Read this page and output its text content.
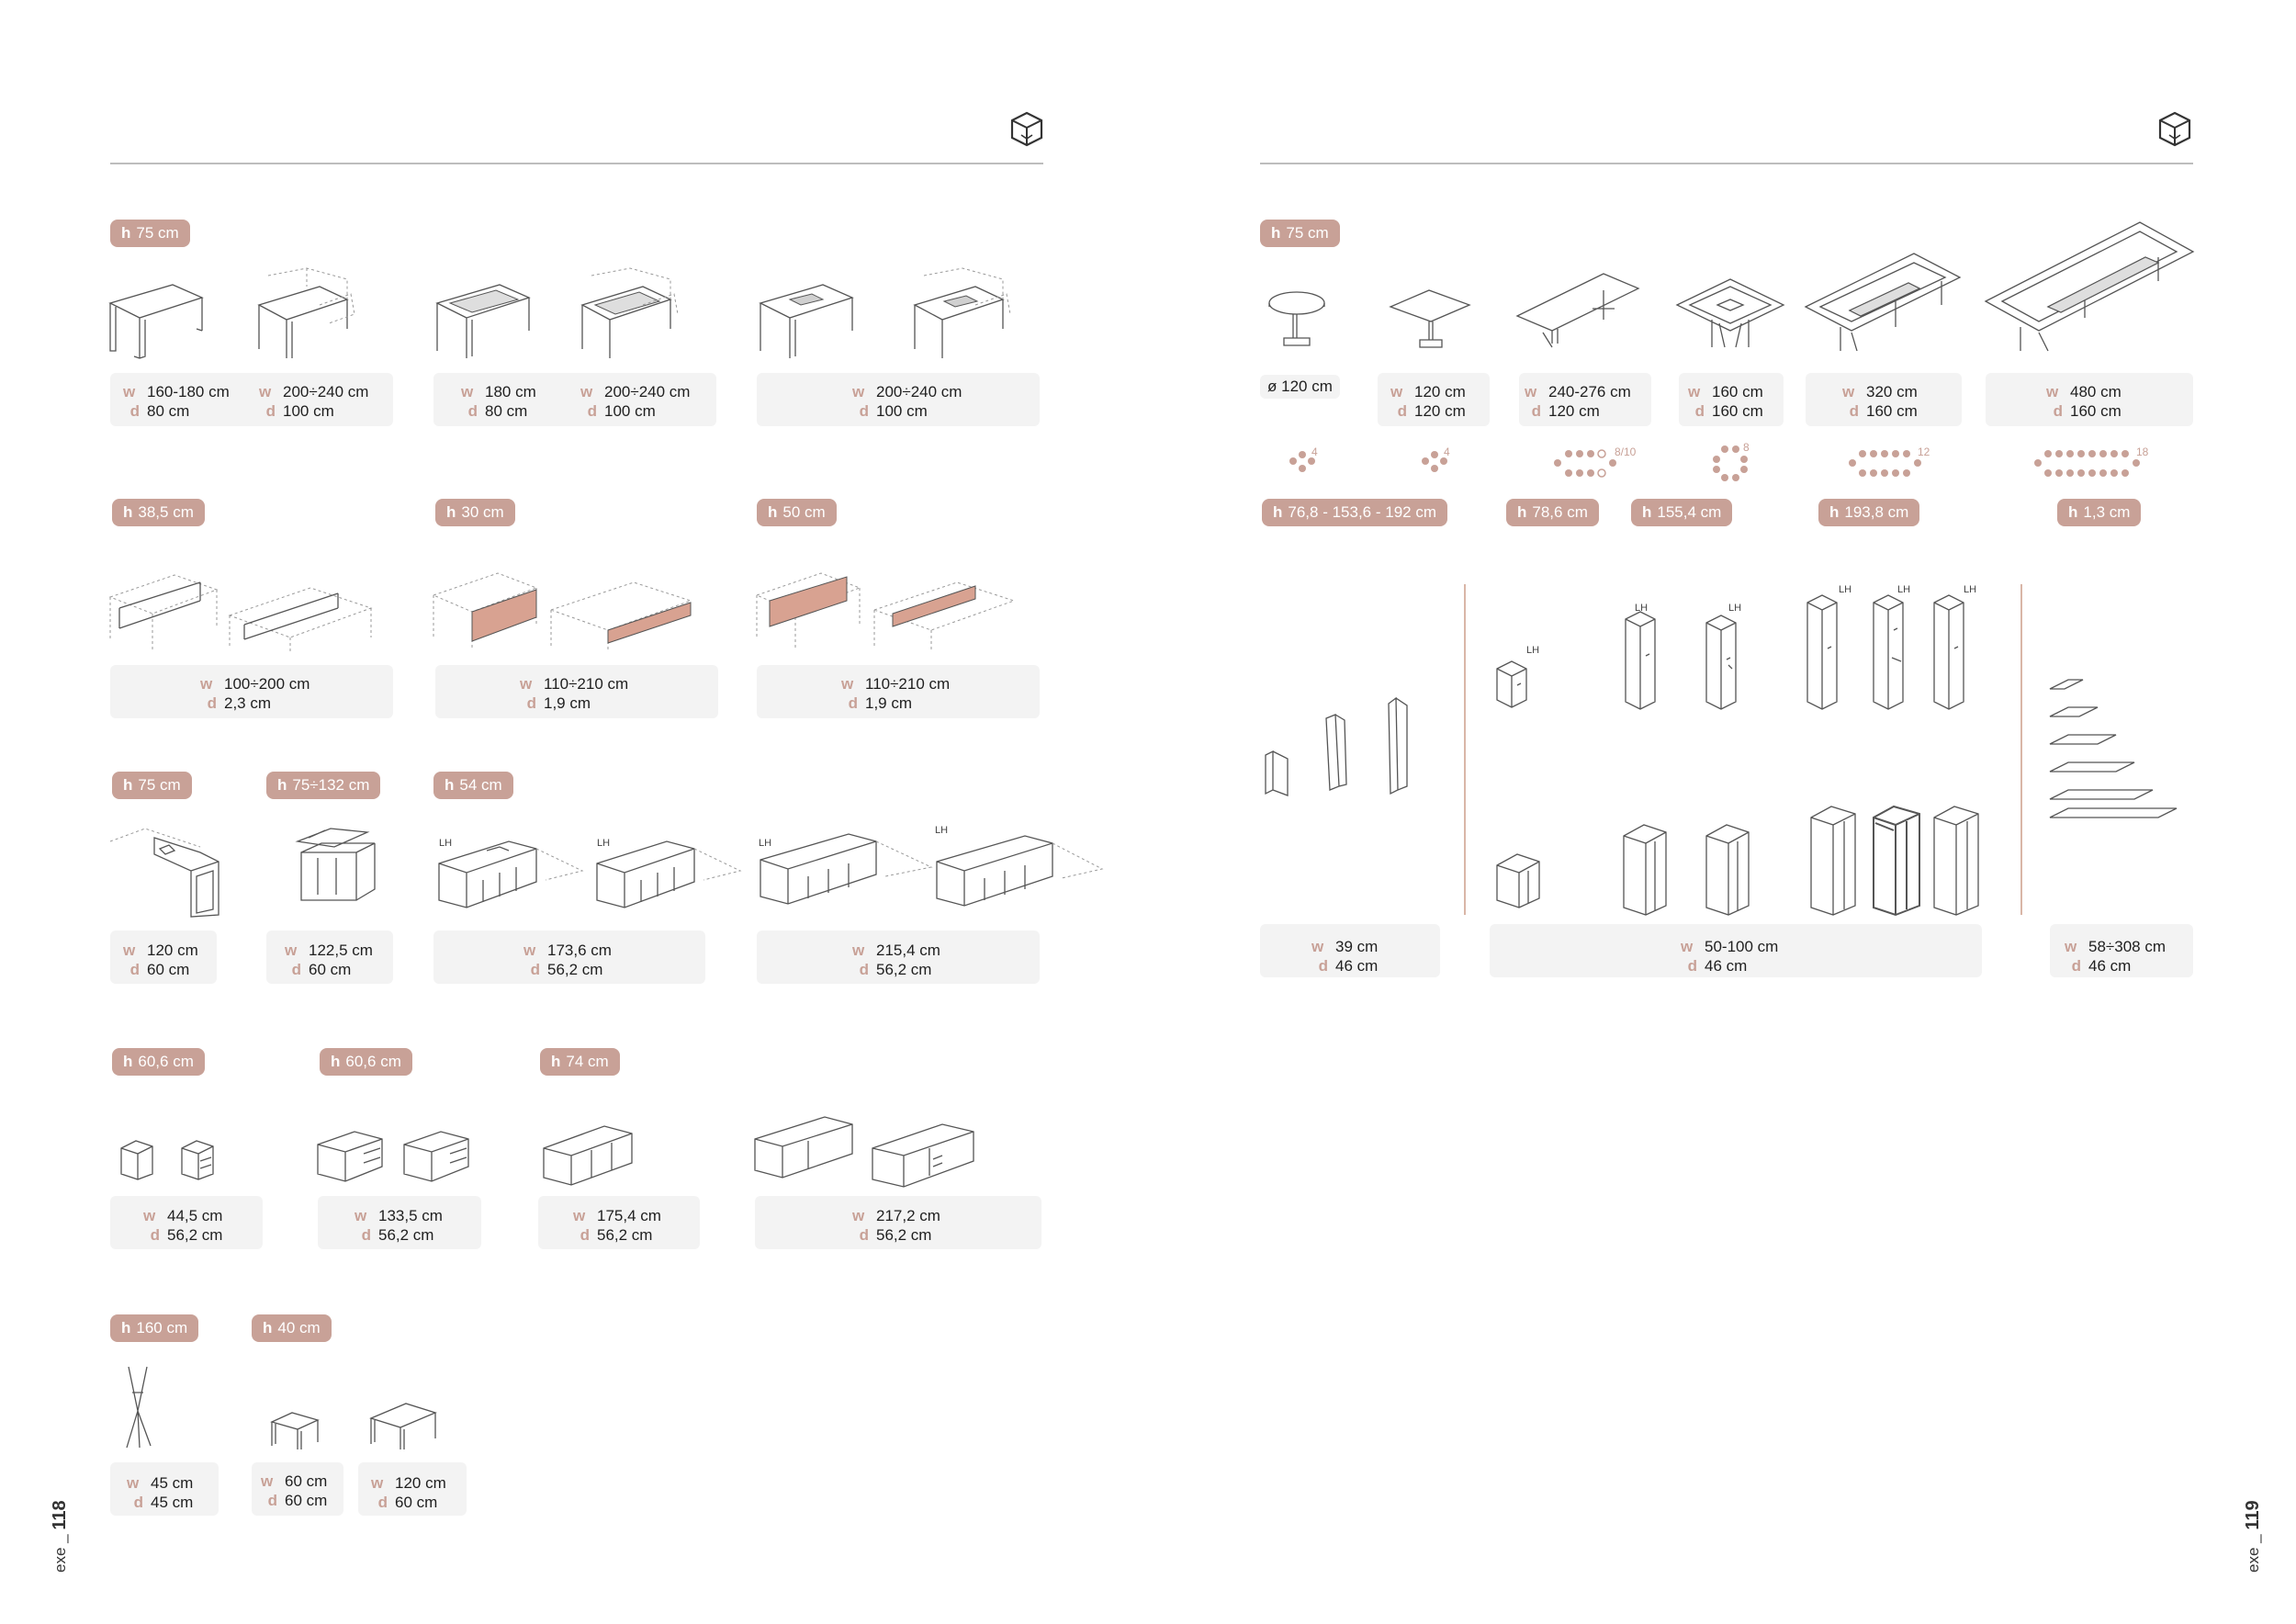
h 75 cm
w 160-180 cm
d 80 cm
w 200÷240 cm
d 100 cm
w 180 cm
d 80 cm
w 200÷240 cm
d 100 cm
w 200÷240 cm
d 100 cm
h 38,5 cm	h 30 cm	h 50 cm
w 100÷200 cm
d 2,3 cm
w 110÷210 cm
d 1,9 cm
w 110÷210 cm
d 1,9 cm
h 75 cm	h 75÷132 cm	h 54 cm
LH	LH	LH
LH
w 120 cm
d 60 cm
w 122,5 cm
d 60 cm
w 173,6 cm
d 56,2 cm
w 215,4 cm
d 56,2 cm
h 60,6 cm	h 60,6 cm	h 74 cm
w 44,5 cm
d 56,2 cm
w 133,5 cm
d 56,2 cm
w 175,4 cm
d 56,2 cm
w 217,2 cm
d 56,2 cm
h 160 cm	h 40 cm
w 45 cm
d 45 cm
w 60 cm
d 60 cm
w 120 cm
d 60 cm
exe _ 118
h 75 cm
ø 120 cm	w 120 cm
d 120 cm
w 240-276 cm
d 120 cm
w 160 cm
d 160 cm
w 320 cm
d 160 cm
w 480 cm
d 160 cm
4	4	8/10	8	12	18
h 76,8 - 153,6 - 192 cm	h 78,6 cm	h 155,4 cm	h 193,8 cm	h 1,3 cm
LH
LH	LH
LH	LH	LH
w 39 cm
d 46 cm
w 50-100 cm
d 46 cm
w 58÷308 cm
d 46 cm
exe _ 119
